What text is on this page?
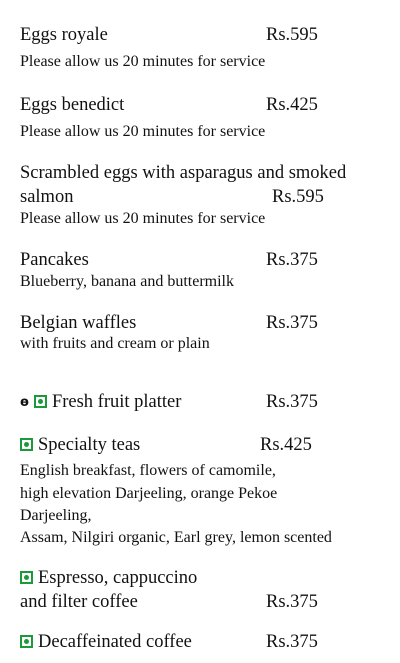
Eggs royale	Rs.595
Please allow us 20 minutes for service
Eggs benedict	Rs.425
Please allow us 20 minutes for service
Scrambled eggs with asparagus and smoked
salmon	Rs.595
Please allow us 20 minutes for service
Pancakes	Rs.375
Blueberry, banana and buttermilk
Belgian waffles	Rs.375
with fruits and cream or plain
ɵ Fresh fruit platter	Rs.375
Specialty teas	Rs.425
English breakfast, flowers of camomile,
high elevation Darjeeling, orange Pekoe
Darjeeling,
Assam, Nilgiri organic, Earl grey, lemon scented
Espresso, cappuccino
and filter coffee	Rs.375
Decaffeinated coffee	Rs.375
